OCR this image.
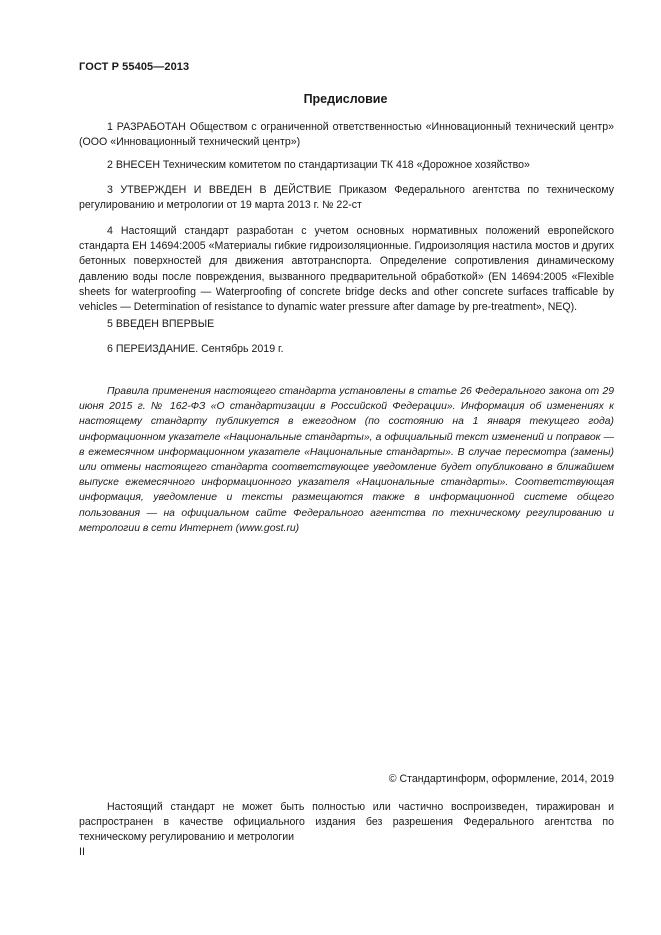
ГОСТ Р 55405—2013
Предисловие

1 РАЗРАБОТАН Обществом с ограниченной ответственностью «Инновационный технический центр» (ООО «Инновационный технический центр»)

2 ВНЕСЕН Техническим комитетом по стандартизации ТК 418 «Дорожное хозяйство»

3 УТВЕРЖДЕН И ВВЕДЕН В ДЕЙСТВИЕ Приказом Федерального агентства по техническому регулированию и метрологии от 19 марта 2013 г. № 22-ст

4 Настоящий стандарт разработан с учетом основных нормативных положений европейского стандарта ЕН 14694:2005 «Материалы гибкие гидроизоляционные. Гидроизоляция настила мостов и других бетонных поверхностей для движения автотранспорта. Определение сопротивления динамическому давлению воды после повреждения, вызванного предварительной обработкой» (EN 14694:2005 «Flexible sheets for waterproofing — Waterproofing of concrete bridge decks and other concrete surfaces trafficable by vehicles — Determination of resistance to dynamic water pressure after damage by pre-treatment», NEQ).

5 ВВЕДЕН ВПЕРВЫЕ

6 ПЕРЕИЗДАНИЕ. Сентябрь 2019 г.

Правила применения настоящего стандарта установлены в статье 26 Федерального закона от 29 июня 2015 г. № 162-ФЗ «О стандартизации в Российской Федерации». Информация об изменениях к настоящему стандарту публикуется в ежегодном (по состоянию на 1 января текущего года) информационном указателе «Национальные стандарты», а официальный текст изменений и поправок — в ежемесячном информационном указателе «Национальные стандарты». В случае пересмотра (замены) или отмены настоящего стандарта соответствующее уведомление будет опубликовано в ближайшем выпуске ежемесячного информационного указателя «Национальные стандарты». Соответствующая информация, уведомление и тексты размещаются также в информационной системе общего пользования — на официальном сайте Федерального агентства по техническому регулированию и метрологии в сети Интернет (www.gost.ru)

© Стандартинформ, оформление, 2014, 2019

Настоящий стандарт не может быть полностью или частично воспроизведен, тиражирован и распространен в качестве официального издания без разрешения Федерального агентства по техническому регулированию и метрологии

II
